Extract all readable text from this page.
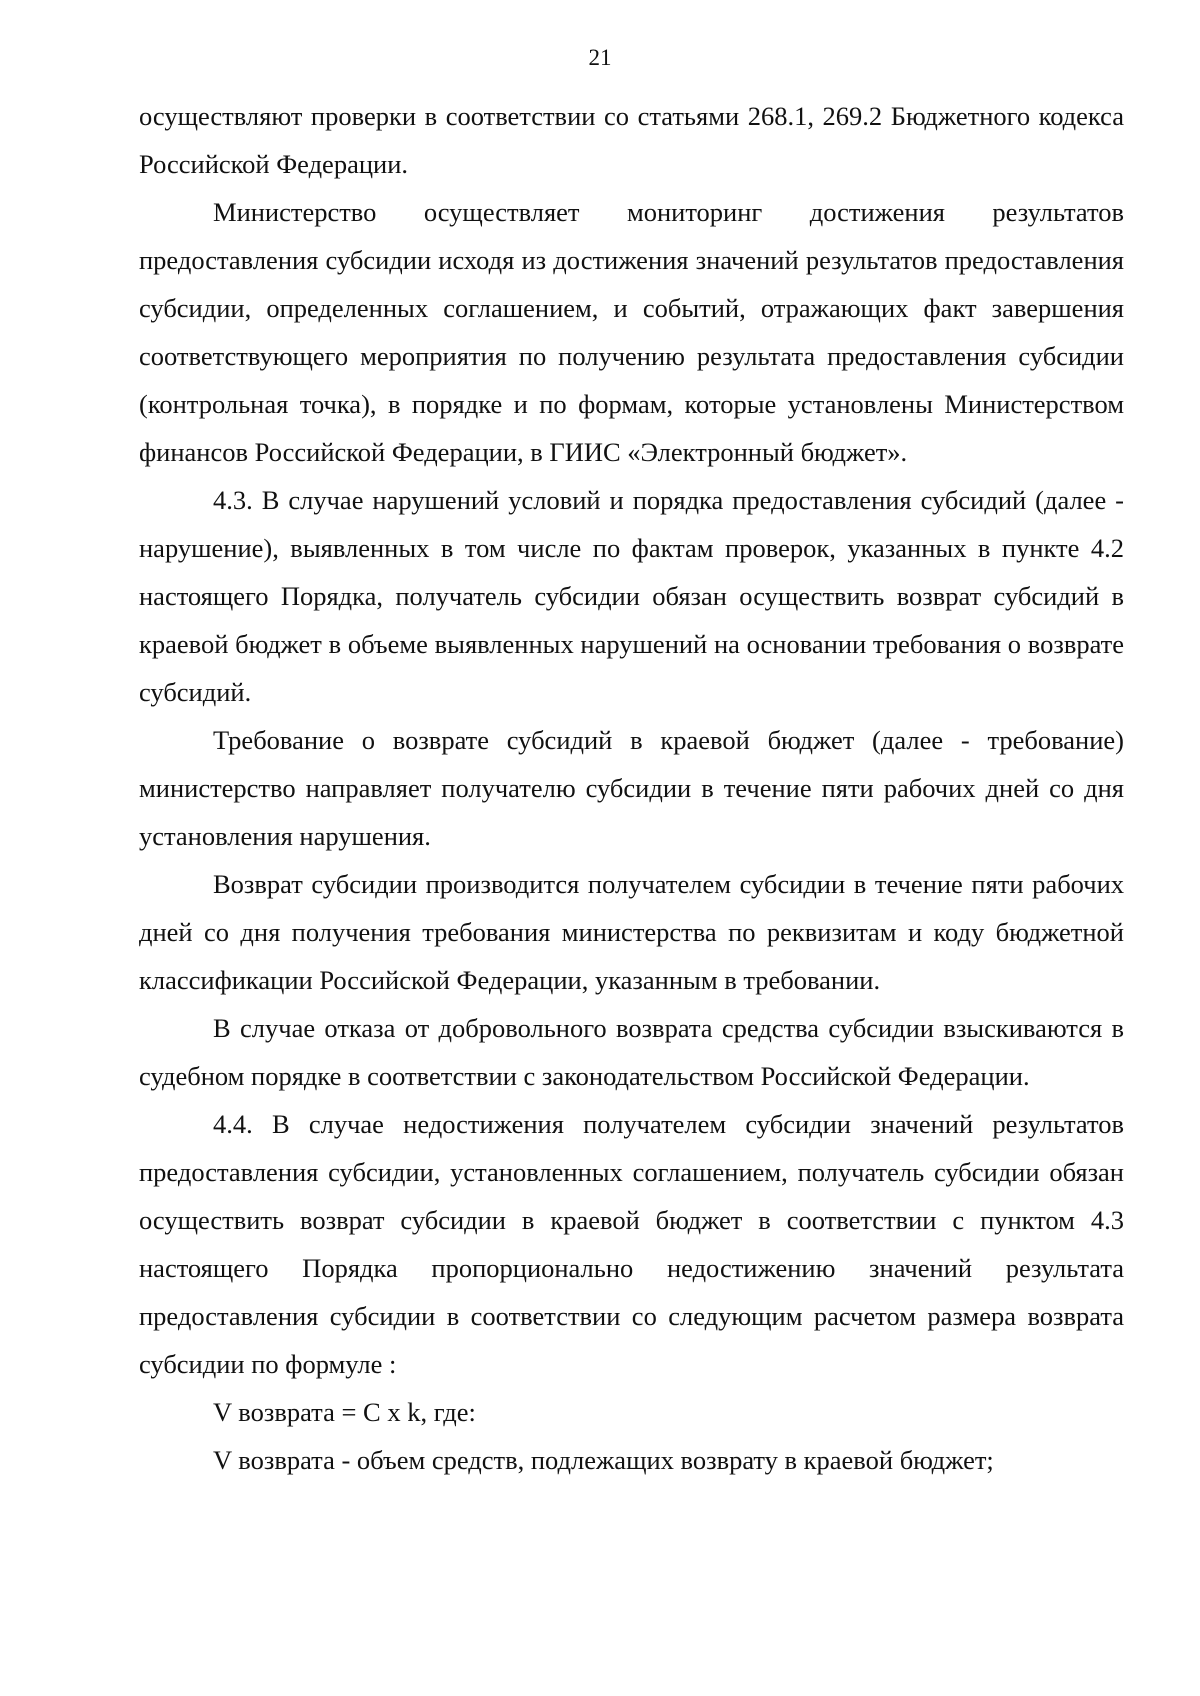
21

осуществляют проверки в соответствии со статьями 268.1, 269.2 Бюджетного кодекса Российской Федерации.

Министерство осуществляет мониторинг достижения результатов предоставления субсидии исходя из достижения значений результатов предоставления субсидии, определенных соглашением, и событий, отражающих факт завершения соответствующего мероприятия по получению результата предоставления субсидии (контрольная точка), в порядке и по формам, которые установлены Министерством финансов Российской Федерации, в ГИИС «Электронный бюджет».

4.3. В случае нарушений условий и порядка предоставления субсидий (далее - нарушение), выявленных в том числе по фактам проверок, указанных в пункте 4.2 настоящего Порядка, получатель субсидии обязан осуществить возврат субсидий в краевой бюджет в объеме выявленных нарушений на основании требования о возврате субсидий.

Требование о возврате субсидий в краевой бюджет (далее - требование) министерство направляет получателю субсидии в течение пяти рабочих дней со дня установления нарушения.

Возврат субсидии производится получателем субсидии в течение пяти рабочих дней со дня получения требования министерства по реквизитам и коду бюджетной классификации Российской Федерации, указанным в требовании.

В случае отказа от добровольного возврата средства субсидии взыскиваются в судебном порядке в соответствии с законодательством Российской Федерации.

4.4. В случае недостижения получателем субсидии значений результатов предоставления субсидии, установленных соглашением, получатель субсидии обязан осуществить возврат субсидии в краевой бюджет в соответствии с пунктом 4.3 настоящего Порядка пропорционально недостижению значений результата предоставления субсидии в соответствии со следующим расчетом размера возврата субсидии по формуле :

V возврата = C x k, где:

V возврата - объем средств, подлежащих возврату в краевой бюджет;
